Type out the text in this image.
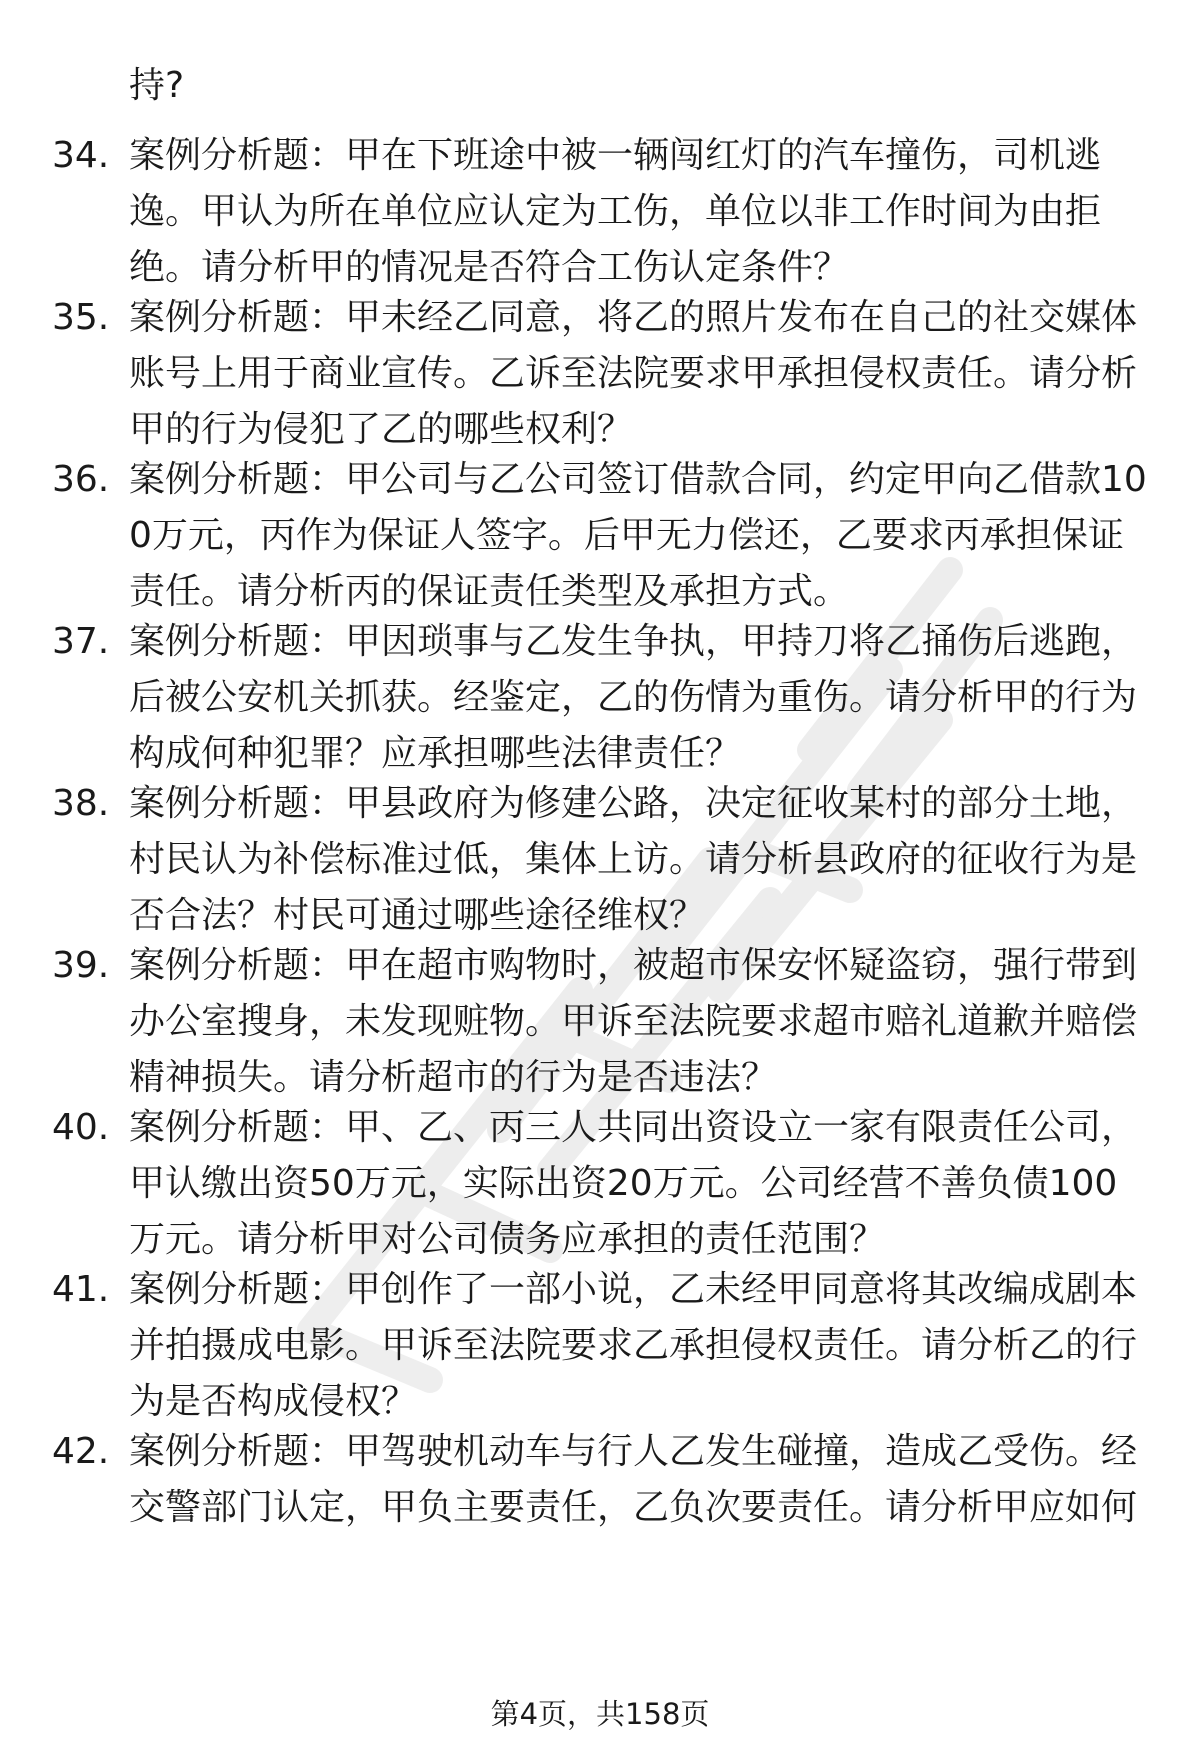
持?

34. 案例分析题：甲在下班途中被一辆闯红灯的汽车撞伤，司机逃逸。甲认为所在单位应认定为工伤，单位以非工作时间为由拒绝。请分析甲的情况是否符合工伤认定条件？

35. 案例分析题：甲未经乙同意，将乙的照片发布在自己的社交媒体账号上用于商业宣传。乙诉至法院要求甲承担侵权责任。请分析甲的行为侵犯了乙的哪些权利？

36. 案例分析题：甲公司与乙公司签订借款合同，约定甲向乙借款100万元，丙作为保证人签字。后甲无力偿还，乙要求丙承担保证责任。请分析丙的保证责任类型及承担方式。

37. 案例分析题：甲因琐事与乙发生争执，甲持刀将乙捅伤后逃跑，后被公安机关抓获。经鉴定，乙的伤情为重伤。请分析甲的行为构成何种犯罪？应承担哪些法律责任？

38. 案例分析题：甲县政府为修建公路，决定征收某村的部分土地，村民认为补偿标准过低，集体上访。请分析县政府的征收行为是否合法？村民可通过哪些途径维权？

39. 案例分析题：甲在超市购物时，被超市保安怀疑盗窃，强行带到办公室搜身，未发现赃物。甲诉至法院要求超市赔礼道歉并赔偿精神损失。请分析超市的行为是否违法？

40. 案例分析题：甲、乙、丙三人共同出资设立一家有限责任公司，甲认缴出资50万元，实际出资20万元。公司经营不善负债100万元。请分析甲对公司债务应承担的责任范围？

41. 案例分析题：甲创作了一部小说，乙未经甲同意将其改编成剧本并拍摄成电影。甲诉至法院要求乙承担侵权责任。请分析乙的行为是否构成侵权？

42. 案例分析题：甲驾驶机动车与行人乙发生碰撞，造成乙受伤。经交警部门认定，甲负主要责任，乙负次要责任。请分析甲应如何

第4页，共158页
